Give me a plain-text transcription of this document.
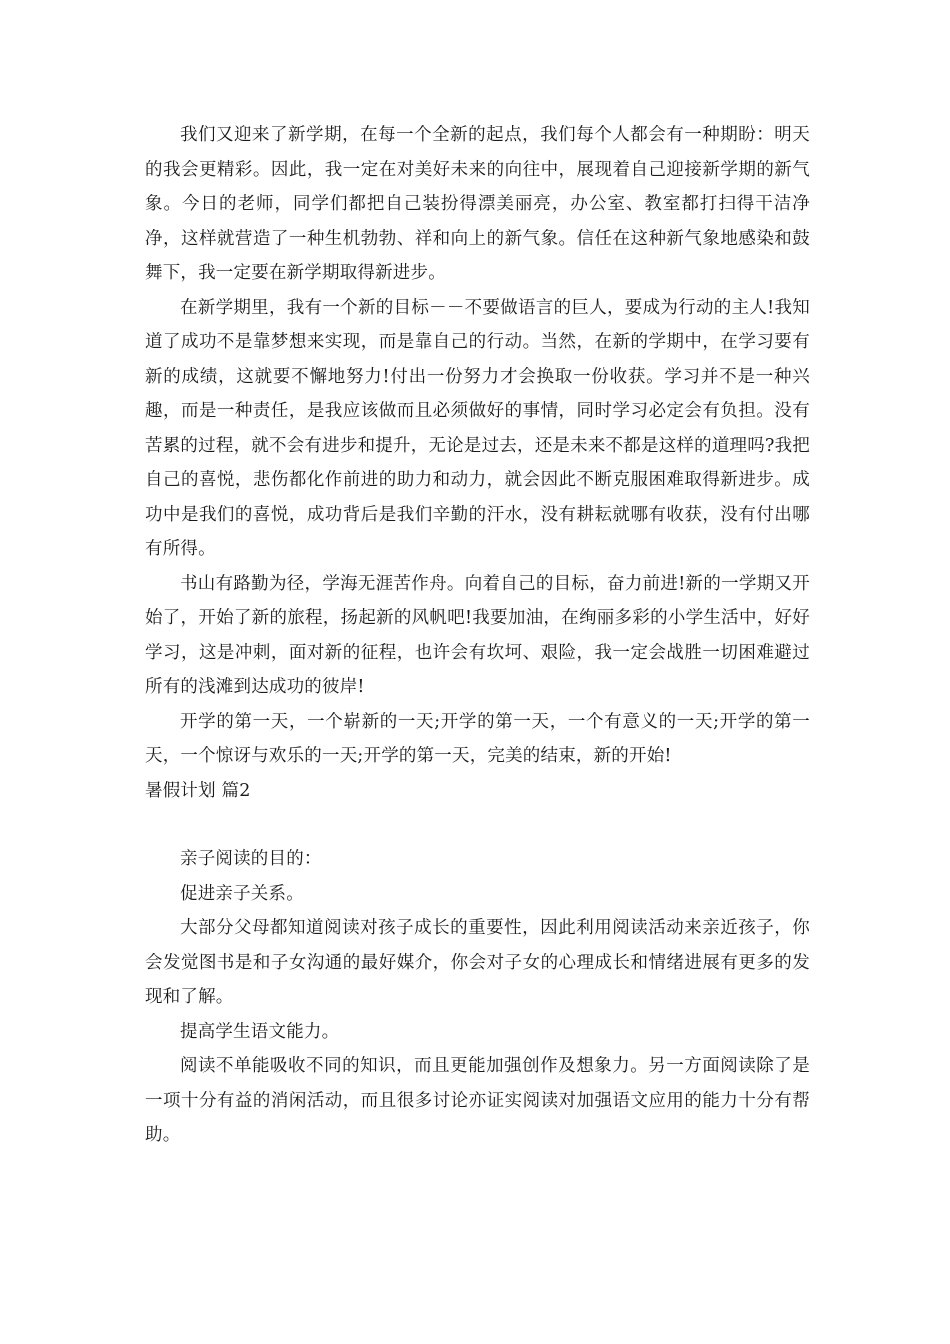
我们又迎来了新学期，在每一个全新的起点，我们每个人都会有一种期盼：明天的我会更精彩。因此，我一定在对美好未来的向往中，展现着自己迎接新学期的新气象。今日的老师，同学们都把自己装扮得漂美丽亮，办公室、教室都打扫得干洁净净，这样就营造了一种生机勃勃、祥和向上的新气象。信任在这种新气象地感染和鼓舞下，我一定要在新学期取得新进步。

在新学期里，我有一个新的目标－－不要做语言的巨人，要成为行动的主人!我知道了成功不是靠梦想来实现，而是靠自己的行动。当然，在新的学期中，在学习要有新的成绩，这就要不懈地努力!付出一份努力才会换取一份收获。学习并不是一种兴趣，而是一种责任，是我应该做而且必须做好的事情，同时学习必定会有负担。没有苦累的过程，就不会有进步和提升，无论是过去，还是未来不都是这样的道理吗?我把自己的喜悦，悲伤都化作前进的助力和动力，就会因此不断克服困难取得新进步。成功中是我们的喜悦，成功背后是我们辛勤的汗水，没有耕耘就哪有收获，没有付出哪有所得。

书山有路勤为径，学海无涯苦作舟。向着自己的目标，奋力前进!新的一学期又开始了，开始了新的旅程，扬起新的风帆吧!我要加油，在绚丽多彩的小学生活中，好好学习，这是冲刺，面对新的征程，也许会有坎坷、艰险，我一定会战胜一切困难避过所有的浅滩到达成功的彼岸!

开学的第一天，一个崭新的一天;开学的第一天，一个有意义的一天;开学的第一天，一个惊讶与欢乐的一天;开学的第一天，完美的结束，新的开始!

暑假计划 篇2

亲子阅读的目的：

促进亲子关系。

大部分父母都知道阅读对孩子成长的重要性，因此利用阅读活动来亲近孩子，你会发觉图书是和子女沟通的最好媒介，你会对子女的心理成长和情绪进展有更多的发现和了解。

提高学生语文能力。

阅读不单能吸收不同的知识，而且更能加强创作及想象力。另一方面阅读除了是一项十分有益的消闲活动，而且很多讨论亦证实阅读对加强语文应用的能力十分有帮助。
